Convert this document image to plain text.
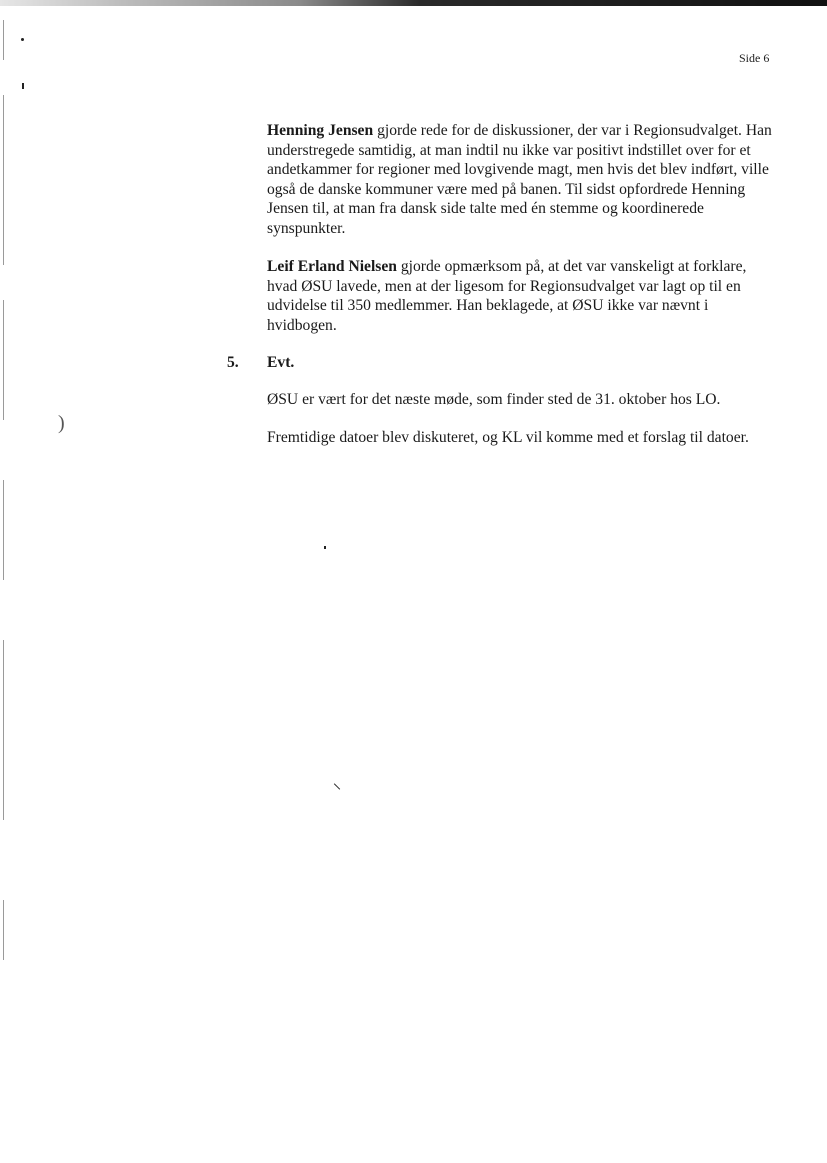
)
Side 6

Henning Jensen gjorde rede for de diskussioner, der var i Regionsudvalget. Han understregede samtidig, at man indtil nu ikke var positivt indstillet over for et andetkammer for regioner med lovgivende magt, men hvis det blev indført, ville også de danske kommuner være med på banen. Til sidst opfordrede Henning Jensen til, at man fra dansk side talte med én stemme og koordinerede synspunkter.

Leif Erland Nielsen gjorde opmærksom på, at det var vanskeligt at forklare, hvad ØSU lavede, men at der ligesom for Regionsudvalget var lagt op til en udvidelse til 350 medlemmer. Han beklagede, at ØSU ikke var nævnt i hvidbogen.

5. Evt.

ØSU er vært for det næste møde, som finder sted de 31. oktober hos LO.

Fremtidige datoer blev diskuteret, og KL vil komme med et forslag til datoer.
